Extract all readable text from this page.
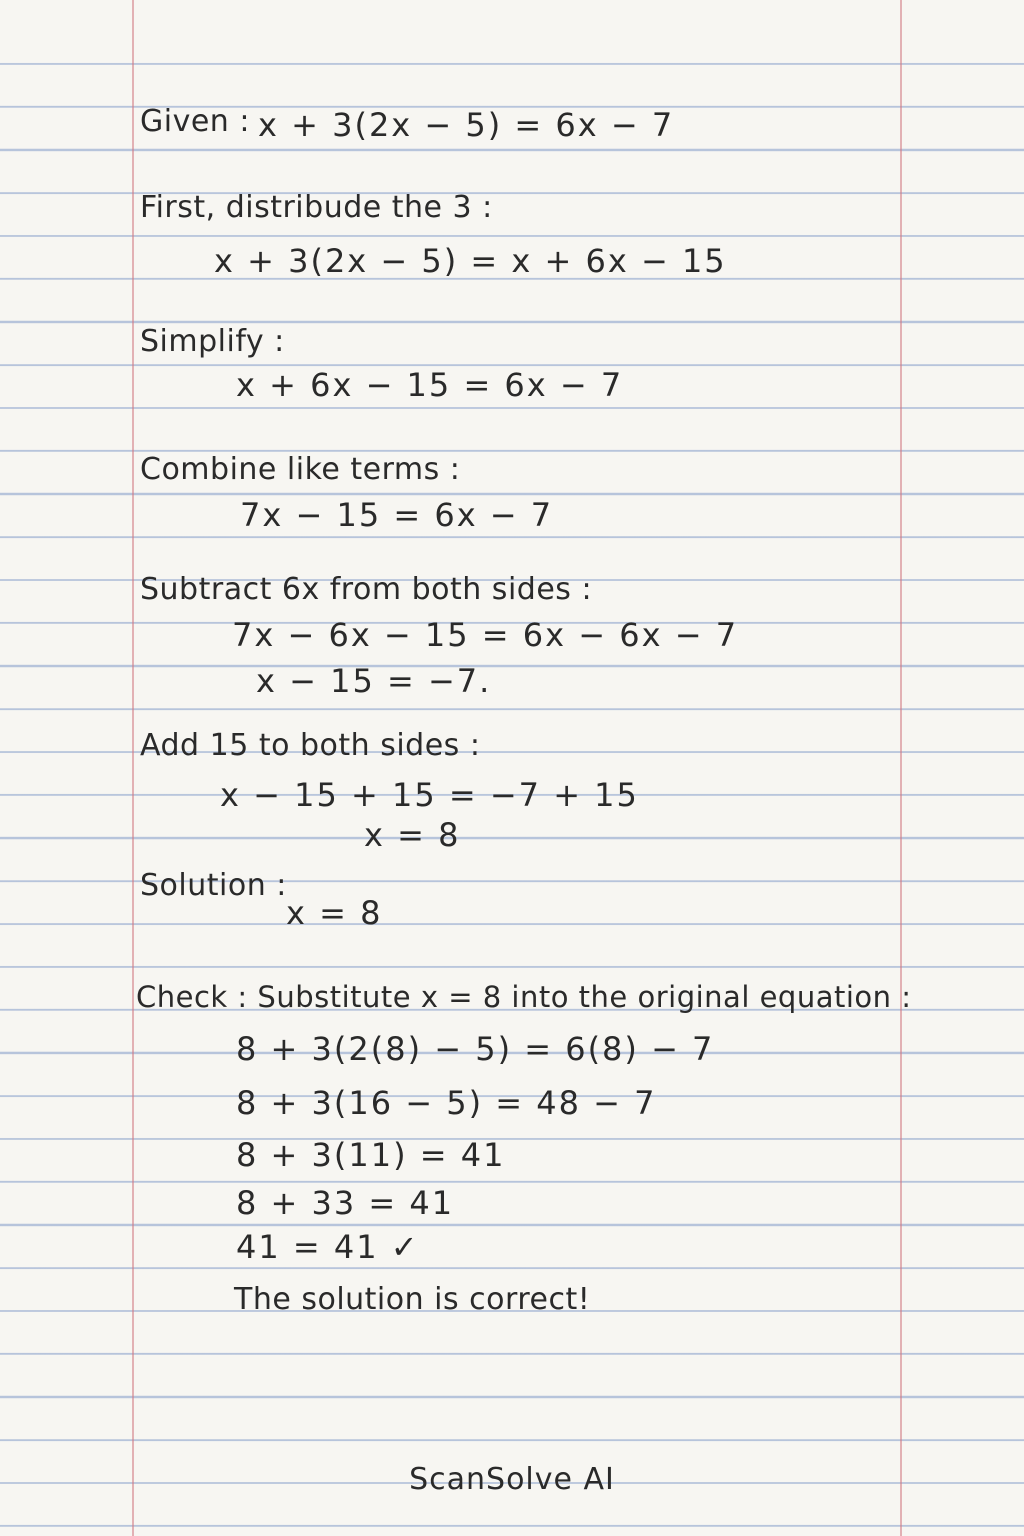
Given : x + 3(2x − 5) = 6x − 7

First, distribude the 3 :

x + 3(2x − 5) = x + 6x − 15

Simplify :

x + 6x − 15 = 6x − 7

Combine like terms :

7x − 15 = 6x − 7

Subtract 6x from both sides :

7x − 6x − 15 = 6x − 6x − 7

x − 15 = −7.

Add 15 to both sides :

x − 15 + 15 = −7 + 15

x = 8

Solution :

x = 8

Check : Substitute x = 8 into the original equation :

8 + 3(2(8) − 5) = 6(8) − 7

8 + 3(16 − 5) = 48 − 7

8 + 3(11) = 41

8 + 33 = 41

41 = 41 ✓

The solution is correct!

ScanSolve AI
